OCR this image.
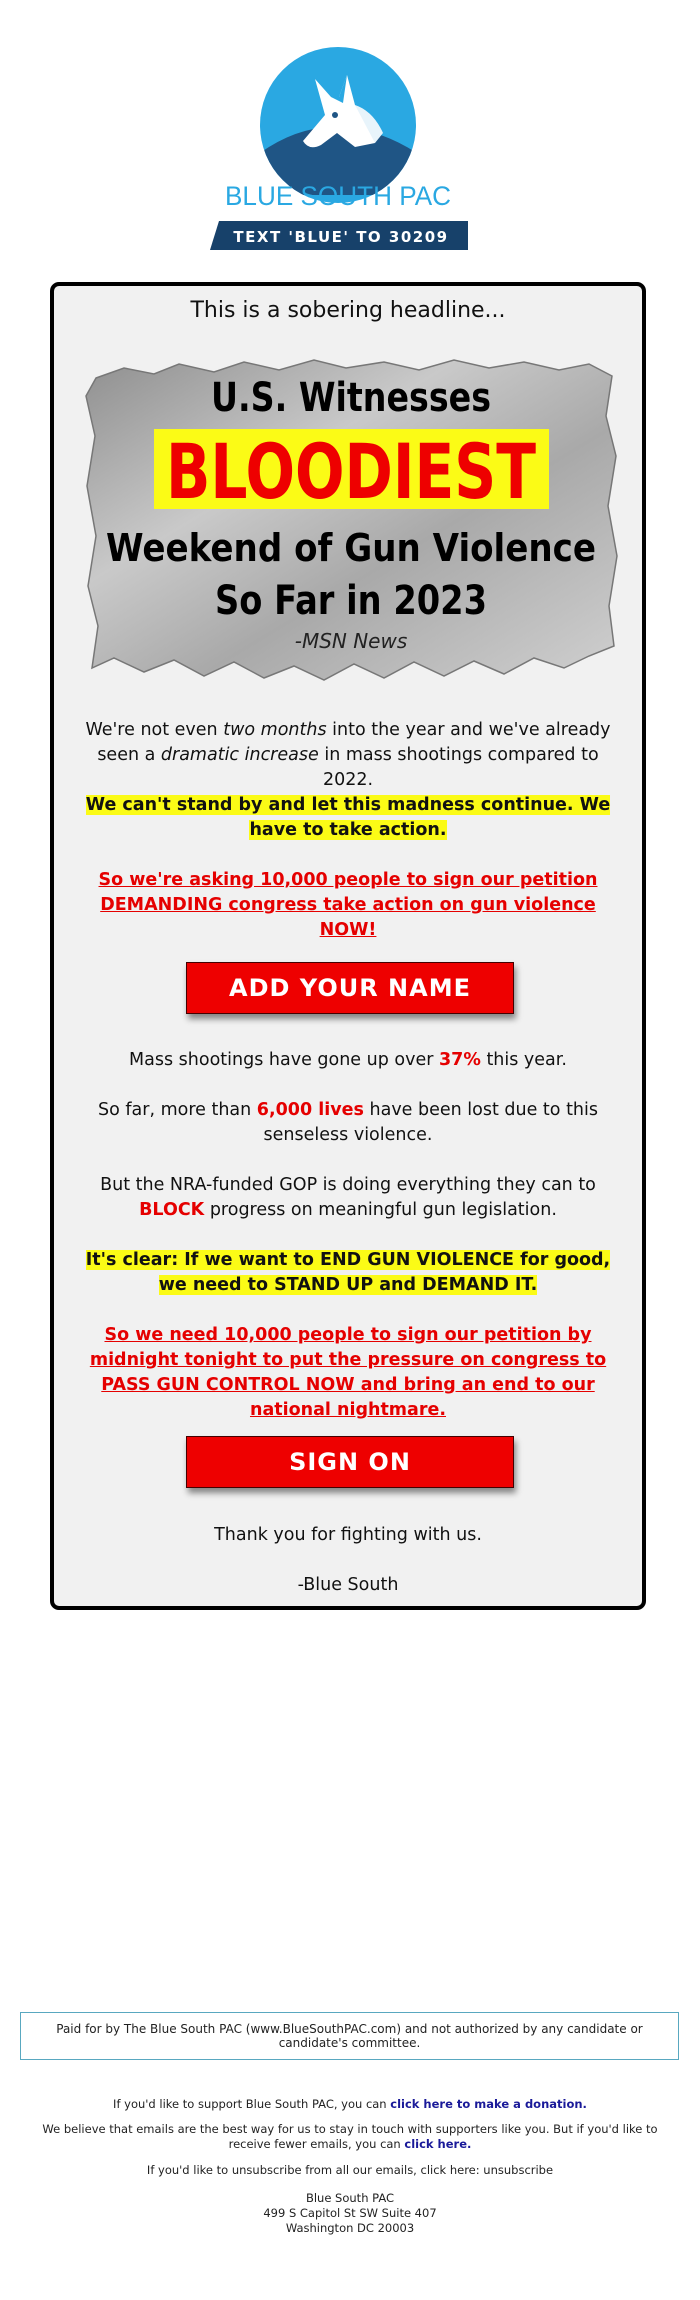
BLUE SOUTH PAC
TEXT 'BLUE' TO 30209
This is a sobering headline...
U.S. Witnesses
BLOODIEST
Weekend of Gun Violence
So Far in 2023
-MSN News
We're not even two months into the year and we've already seen a dramatic increase in mass shootings compared to 2022.
We can't stand by and let this madness continue. We have to take action.
So we're asking 10,000 people to sign our petition DEMANDING congress take action on gun violence NOW!
ADD YOUR NAME
Mass shootings have gone up over 37% this year.
So far, more than 6,000 lives have been lost due to this senseless violence.
But the NRA-funded GOP is doing everything they can to BLOCK progress on meaningful gun legislation.
It's clear: If we want to END GUN VIOLENCE for good, we need to STAND UP and DEMAND IT.
So we need 10,000 people to sign our petition by midnight tonight to put the pressure on congress to PASS GUN CONTROL NOW and bring an end to our national nightmare.
SIGN ON
Thank you for fighting with us.
-Blue South
Paid for by The Blue South PAC (www.BlueSouthPAC.com) and not authorized by any candidate or candidate's committee.
If you'd like to support Blue South PAC, you can click here to make a donation.
We believe that emails are the best way for us to stay in touch with supporters like you. But if you'd like to receive fewer emails, you can click here.
If you'd like to unsubscribe from all our emails, click here: unsubscribe
Blue South PAC
499 S Capitol St SW Suite 407
Washington DC 20003
